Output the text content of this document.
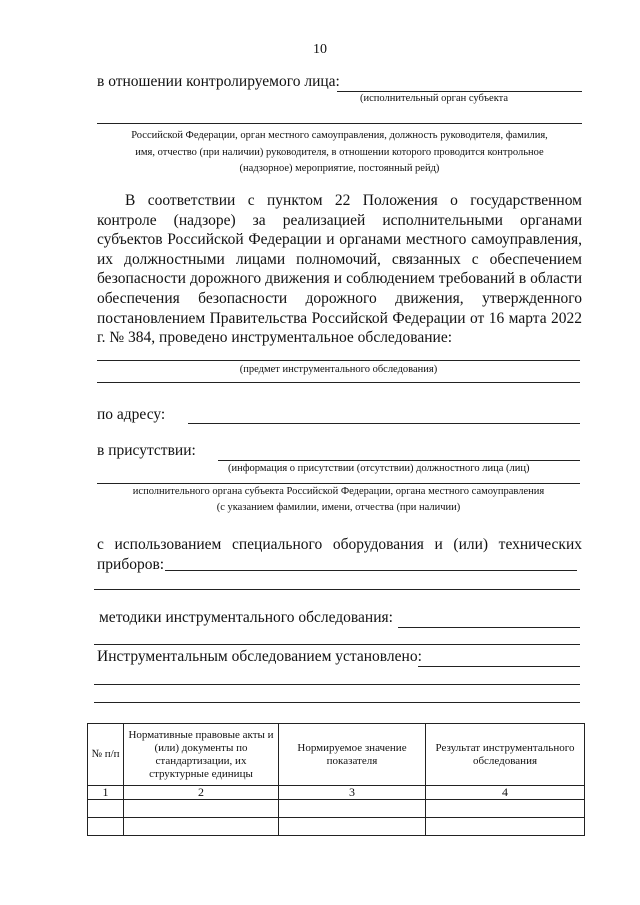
10
в отношении контролируемого лица:
(исполнительный орган субъекта
Российской Федерации, орган местного самоуправления, должность руководителя, фамилия,
имя, отчество (при наличии) руководителя, в отношении которого проводится контрольное
(надзорное) мероприятие, постоянный рейд)
В соответствии с пунктом 22 Положения о государственном контроле (надзоре) за реализацией исполнительными органами субъектов Российской Федерации и органами местного самоуправления, их должностными лицами полномочий, связанных с обеспечением безопасности дорожного движения и соблюдением требований в области обеспечения безопасности дорожного движения, утвержденного постановлением Правительства Российской Федерации от 16 марта 2022 г. № 384, проведено инструментальное обследование:
(предмет инструментального обследования)
по адресу:
в присутствии:
(информация о присутствии (отсутствии) должностного лица (лиц)
исполнительного органа субъекта Российской Федерации, органа местного самоуправления
(с указанием фамилии, имени, отчества (при наличии)
с использованием специального оборудования и (или) технических приборов:
методики инструментального обследования:
Инструментальным обследованием установлено:
№ п/п	Нормативные правовые акты и (или) документы по стандартизации, их структурные единицы	Нормируемое значение показателя	Результат инструментального обследования
1	2	3	4
